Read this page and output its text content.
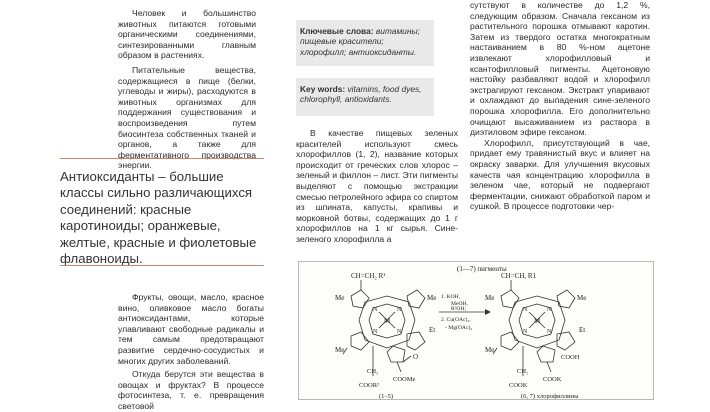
Человек и большинство животных питаются готовыми органическими соединениями, синтезированными главным образом в растениях.

Питательные вещества, содержащиеся в пище (белки, углеводы и жиры), расходуются в животных организмах для поддержания существования и воспроизведения путем биосинтеза собственных тканей и органов, а также для ферментативного производства энергии.

Антиоксиданты – большие классы сильно различающихся соединений: красные каротиноиды; оранжевые, желтые, красные и фиолетовые флавоноиды.

Фрукты, овощи, масло, красное вино, оливковое масло богаты антиоксидантами, которые улавливают свободные радикалы и тем самым предотвращают развитие сердечно-сосудистых и многих других заболеваний.

Откуда берутся эти вещества в овощах и фруктах? В процессе фотосинтеза, т. е. превращения световой

Ключевые слова: витамины; пищевые красители; хлорофилл; антиоксиданты.
Key words: vitamins, food dyes, chlorophyll, antioxidants.

В качестве пищевых зеленых красителей используют смесь хлорофиллов (1, 2), название которых происходит от греческих слов хлорос – зеленый и филлон – лист. Эти пигменты выделяют с помощью экстракции смесью петролейного эфира со спиртом из шпината, капусты, крапивы и морковной ботвы, содержащих до 1 г хлорофиллов на 1 кг сырья. Сине-зеленого хлорофилла а

сутствуют в количестве до 1,2 %, следующим образом. Сначала гексаном из растительного порошка отмывают каротин. Затем из твердого остатка многократным настаиванием в 80 %-ном ацетоне извлекают хлорофилловый и ксантофилловый пигменты. Ацетоновую настойку разбавляют водой и хлорофилл экстрагируют гексаном. Экстракт упаривают и охлаждают до выпадения сине-зеленого порошка хлорофилла. Его дополнительно очищают высаживанием из раствора в диэтиловом эфире гексаном.

Хлорофилл, присутствующий в чае, придает ему травянистый вкус и влияет на окраску заварки. Для улучшения вкусовых качеств чая концентрацию хлорофилла в зеленом чае, который не подвергают ферментации, снижают обработкой паром и сушкой. В процессе подготовки чер-

(1—7) пигменты
CH=CH₂ R¹
Me	Me
Et
Me
M
N	N
N	N
O
CH₂
COOMe
COOR²
(1–5)
1. KOH,
MeOH,
R²OH;
2. Cu(OAc)₂,
- Mg(OAc)₂
CH=CH, R1
Me	Me
Et
Me
M
N	N
N	N
COOH
CH₂
COOK
COOK
(6, 7) хлорофиллины
